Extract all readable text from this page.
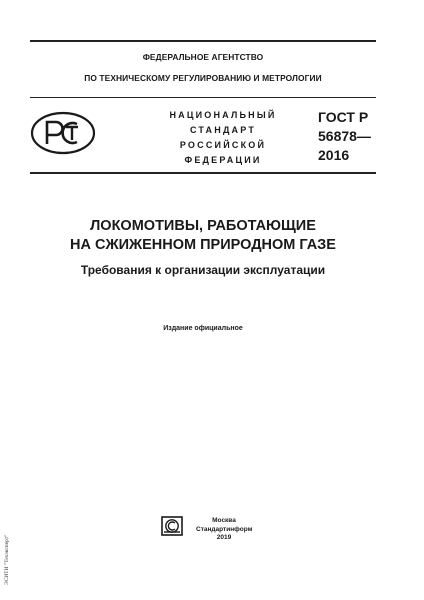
ФЕДЕРАЛЬНОЕ АГЕНТСТВО
ПО ТЕХНИЧЕСКОМУ РЕГУЛИРОВАНИЮ И МЕТРОЛОГИИ
НАЦИОНАЛЬНЫЙ
СТАНДАРТ
РОССИЙСКОЙ
ФЕДЕРАЦИИ
ГОСТ Р
56878—
2016
ЛОКОМОТИВЫ, РАБОТАЮЩИЕ
НА СЖИЖЕННОМ ПРИРОДНОМ ГАЗЕ
Требования к организации эксплуатации
Издание официальное
Москва
Стандартинформ
2019
ЭСИТИ "Техэксперт"
